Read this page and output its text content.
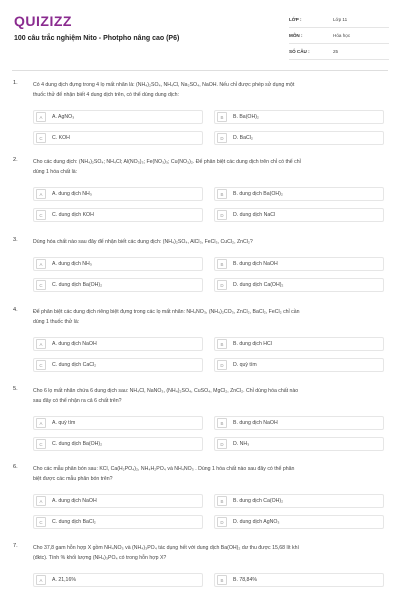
QUIZIZZ
100 câu trắc nghiệm Nito - Photpho nâng cao (P6)
LỚP :	Lớp 11
MÔN :	Hóa học
SỐ CÂU :	25
1.	Có 4 dung dịch đựng trong 4 lọ mất nhãn là: (NH₄)₂SO₄, NH₄Cl, Na₂SO₄, NaOH. Nếu chỉ được phép sử dụng một
thuốc thử để nhận biết 4 dung dịch trên, có thể dùng dung dịch:
A	A. AgNO₃	B	B. Ba(OH)₂
C	C. KOH	D	D. BaCl₂
2.	Cho các dung dịch: (NH₄)₂SO₄; NH₄Cl; Al(NO₃)₃; Fe(NO₃)₃; Cu(NO₃)₂. Để phân biệt các dung dịch trên chỉ có thể chỉ
dùng 1 hóa chất là:
A	A. dung dịch NH₃	B	B. dung dịch Ba(OH)₂
C	C. dung dịch KOH	D	D. dung dịch NaCl
3.	Dùng hóa chất nào sau đây để nhận biết các dung dịch: (NH₄)₂SO₄, AlCl₃, FeCl₃, CuCl₂, ZnCl₂?
A	A. dung dịch NH₃	B	B. dung dịch NaOH
C	C. dung dịch Ba(OH)₂	D	D. dung dịch Ca(OH)₂
4.	Để phân biệt các dung dịch riêng biệt đựng trong các lọ mất nhãn: NH₄NO₃, (NH₄)₂CO₃, ZnCl₂, BaCl₂, FeCl₂ chỉ cần
dùng 1 thuốc thử là:
A	A. dung dịch NaOH	B	B. dung dịch HCl
C	C. dung dịch CaCl₂	D	D. quỳ tím
5.	Cho 6 lọ mất nhãn chứa 6 dung dịch sau: NH₄Cl, NaNO₃, (NH₄)₂SO₄, CuSO₄, MgCl₂, ZnCl₂. Chỉ dùng hóa chất nào
sau đây có thể nhận ra cả 6 chất trên?
A	A. quỳ tím	B	B. dung dịch NaOH
C	C. dung dịch Ba(OH)₂	D	D. NH₃
6.	Cho các mẫu phân bón sau: KCl, Ca(H₂PO₄)₂, NH₄H₂PO₄ và NH₄NO₃ . Dùng 1 hóa chất nào sau đây có thể phân
biệt được các mẫu phân bón trên?
A	A. dung dịch NaOH	B	B. dung dịch Ca(OH)₂
C	C. dung dịch BaCl₂	D	D. dung dịch AgNO₃
7.	Cho 37,8 gam hỗn hợp X gồm NH₄NO₃ và (NH₄)₃PO₄ tác dụng hết với dung dịch Ba(OH)₂ dư thu được 15,68 lít khí
(đktc). Tính % khối lượng (NH₄)₃PO₄ có trong hỗn hợp X?
A	A. 21,16%	B	B. 78,84%
